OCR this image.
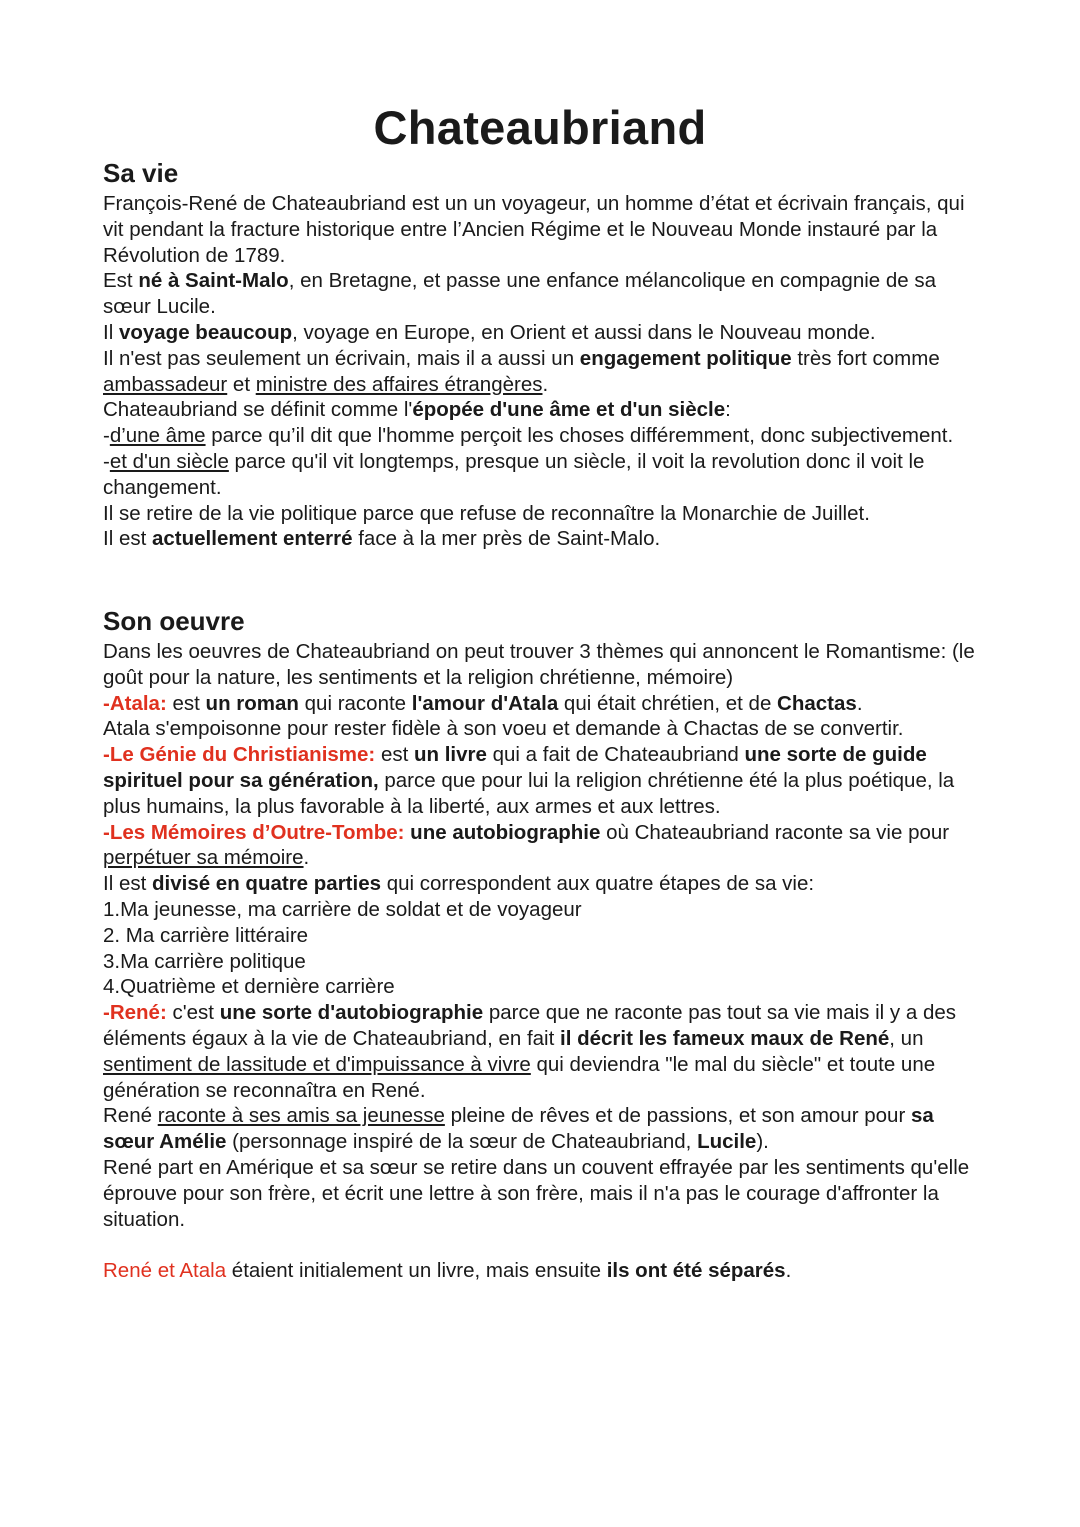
Chateaubriand
Sa vie

François-René de Chateaubriand est un un voyageur, un homme d’état et écrivain français, qui vit pendant la fracture historique entre l’Ancien Régime et le Nouveau Monde instauré par la Révolution de 1789.

Est né à Saint-Malo, en Bretagne, et passe une enfance mélancolique en compagnie de sa sœur Lucile.

Il voyage beaucoup, voyage en Europe, en Orient et aussi dans le Nouveau monde.

Il n'est pas seulement un écrivain, mais il a aussi un engagement politique très fort comme ambassadeur et ministre des affaires étrangères.

Chateaubriand se définit comme l'épopée d'une âme et d'un siècle:

-d’une âme parce qu’il dit que l'homme perçoit les choses différemment, donc subjectivement.

-et d'un siècle parce qu'il vit longtemps, presque un siècle, il voit la revolution donc il voit le changement.

Il se retire de la vie politique parce que refuse de reconnaître la Monarchie de Juillet.

Il est actuellement enterré face à la mer près de Saint-Malo.

Son oeuvre

Dans les oeuvres de Chateaubriand on peut trouver 3 thèmes qui annoncent le Romantisme: (le goût pour la nature, les sentiments et la religion chrétienne, mémoire)

-Atala: est un roman qui raconte l'amour d'Atala qui était chrétien, et de Chactas.

Atala s'empoisonne pour rester fidèle à son voeu et demande à Chactas de se convertir.

-Le Génie du Christianisme: est un livre qui a fait de Chateaubriand une sorte de guide spirituel pour sa génération, parce que pour lui la religion chrétienne été la plus poétique, la plus humains, la plus favorable à la liberté, aux armes et aux lettres.

-Les Mémoires d’Outre-Tombe: une autobiographie où Chateaubriand raconte sa vie pour perpétuer sa mémoire.

Il est divisé en quatre parties qui correspondent aux quatre étapes de sa vie:

1.Ma jeunesse, ma carrière de soldat et de voyageur

2. Ma carrière littéraire

3.Ma carrière politique

4.Quatrième et dernière carrière

-René: c'est une sorte d'autobiographie parce que ne raconte pas tout sa vie mais il y a des éléments égaux à la vie de Chateaubriand, en fait il décrit les fameux maux de René, un sentiment de lassitude et d'impuissance à vivre qui deviendra "le mal du siècle" et toute une génération se reconnaîtra en René.

René raconte à ses amis sa jeunesse pleine de rêves et de passions, et son amour pour sa sœur Amélie (personnage inspiré de la sœur de Chateaubriand, Lucile).

René part en Amérique et sa sœur se retire dans un couvent effrayée par les sentiments qu'elle éprouve pour son frère, et écrit une lettre à son frère, mais il n'a pas le courage d'affronter la situation.

René et Atala étaient initialement un livre, mais ensuite ils ont été séparés.
